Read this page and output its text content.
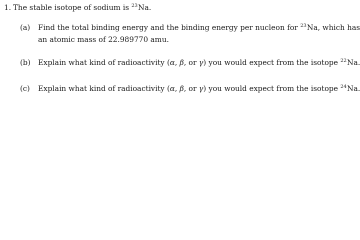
1. The stable isotope of sodium is $^{23}$Na.
(a) Find the total binding energy and the binding energy per nucleon for $^{23}$Na, which has
an atomic mass of 22.989770 amu.
(b) Explain what kind of radioactivity (α, β, or γ) you would expect from the isotope $^{22}$Na
(c) Explain what kind of radioactivity (α, β, or γ) you would expect from the isotope $^{24}$Na
